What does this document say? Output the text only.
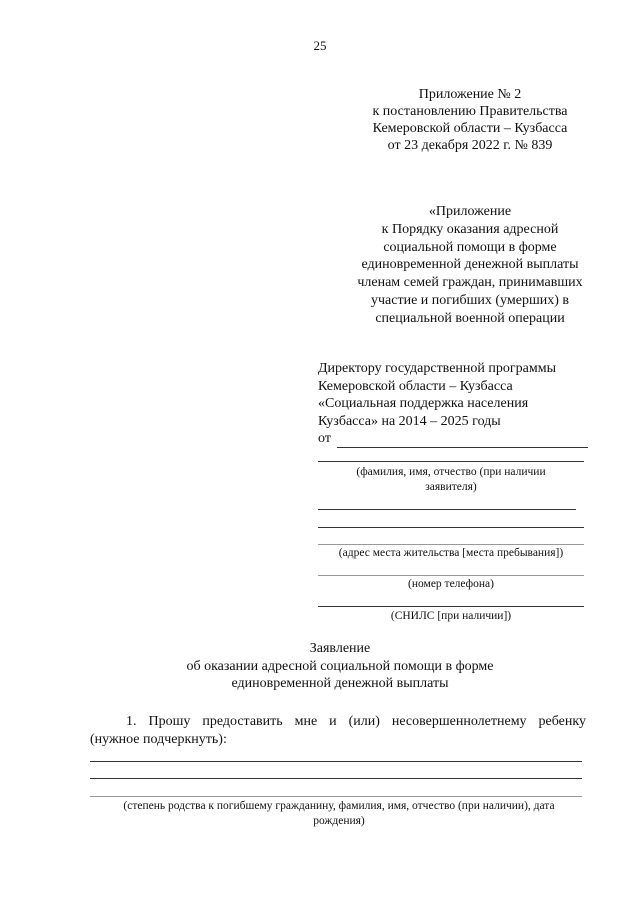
25
Приложение № 2
к постановлению Правительства
Кемеровской области – Кузбасса
от 23 декабря 2022 г. № 839
«Приложение
к Порядку оказания адресной
социальной помощи в форме
единовременной денежной выплаты
членам семей граждан, принимавших
участие и погибших (умерших) в
специальной военной операции
Директору государственной программы
Кемеровской области – Кузбасса
«Социальная поддержка населения
Кузбасса» на 2014 – 2025 годы
от
(фамилия, имя, отчество (при наличии
заявителя)
(адрес места жительства [места пребывания])
(номер телефона)
(СНИЛС [при наличии])
Заявление
об оказании адресной социальной помощи в форме
единовременной денежной выплаты
1. Прошу предоставить мне и (или) несовершеннолетнему ребенку
(нужное подчеркнуть):
(степень родства к погибшему гражданину, фамилия, имя, отчество (при наличии), дата
рождения)
